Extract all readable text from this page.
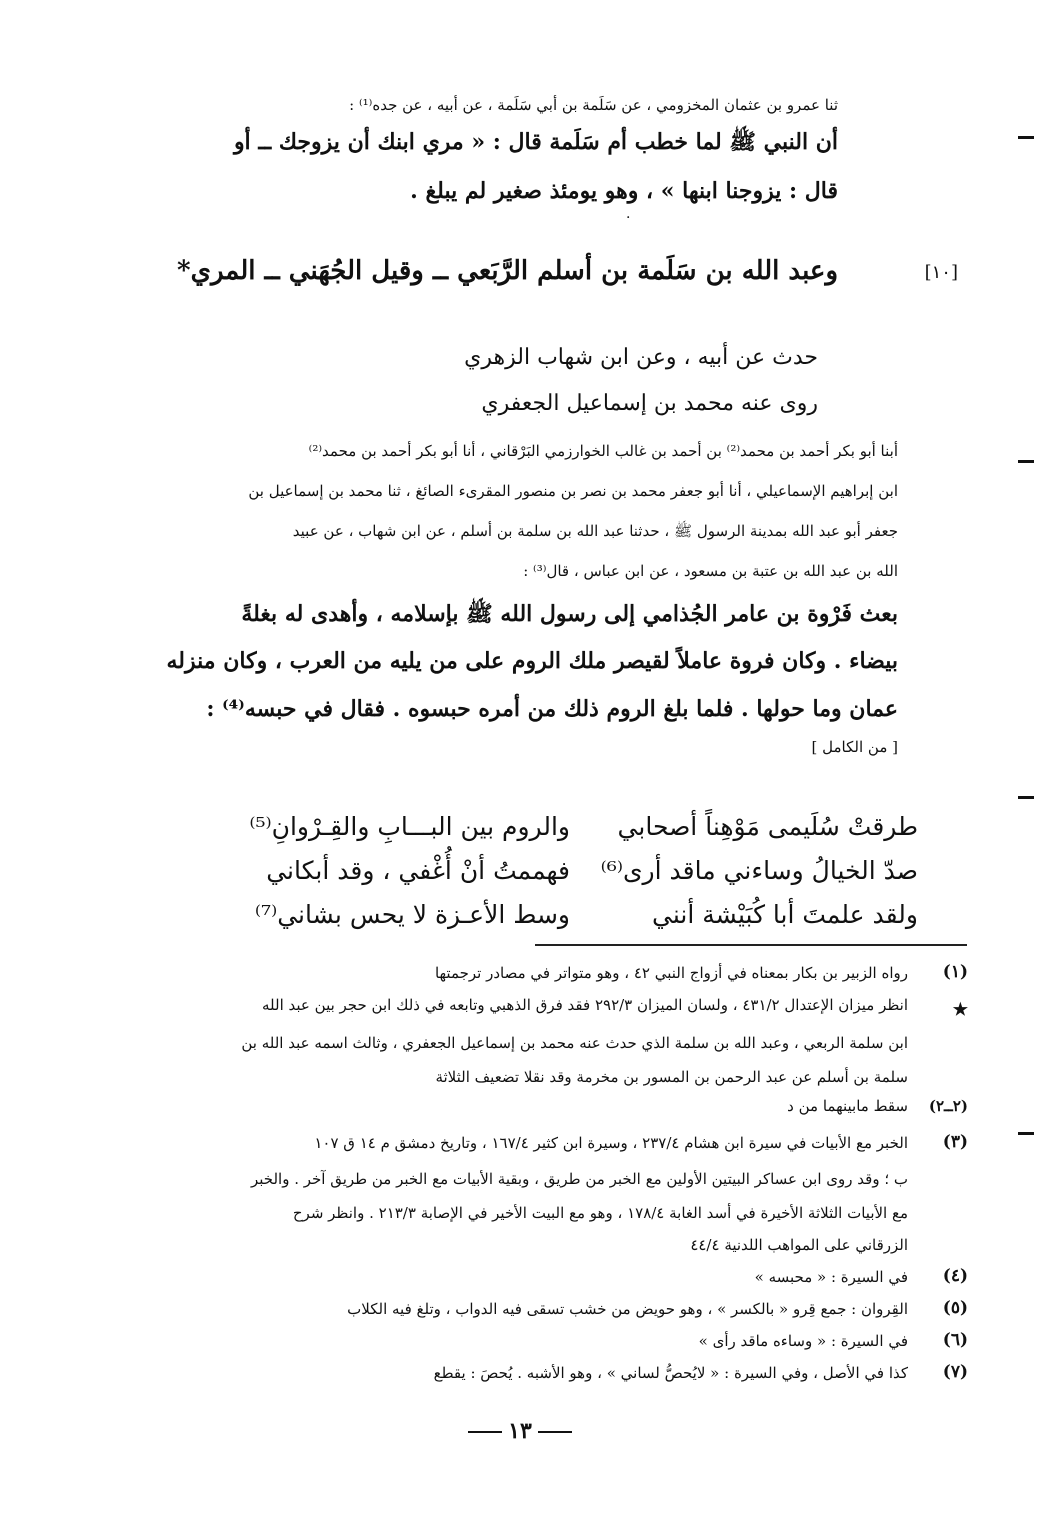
ثنا عمرو بن عثمان المخزومي ، عن سَلَمة بن أبي سَلَمة ، عن أبيه ، عن جده⁽¹⁾ :
أن النبي ﷺ لما خطب أم سَلَمة قال : « مري ابنك أن يزوجك ــ أو
قال : يزوجنا ابنها » ، وهو يومئذ صغير لم يبلغ .
·
[١٠]
وعبد الله بن سَلَمة بن أسلم الرَّبَعي ــ وقيل الجُهَني ــ المري*
حدث عن أبيه ، وعن ابن شهاب الزهري
روى عنه محمد بن إسماعيل الجعفري
أبنا أبو بكر أحمد بن محمد⁽²⁾ بن أحمد بن غالب الخوارزمي البَرْقاني ، أنا أبو بكر أحمد بن محمد⁽²⁾
ابن إبراهيم الإسماعيلي ، أنا أبو جعفر محمد بن نصر بن منصور المقرىء الصائغ ، ثنا محمد بن إسماعيل بن
جعفر أبو عبد الله بمدينة الرسول ﷺ ، حدثنا عبد الله بن سلمة بن أسلم ، عن ابن شهاب ، عن عبيد
الله بن عبد الله بن عتبة بن مسعود ، عن ابن عباس ، قال⁽³⁾ :
بعث فَرْوة بن عامر الجُذامي إلى رسول الله ﷺ بإسلامه ، وأهدى له بغلةً
بيضاء . وكان فروة عاملاً لقيصر ملك الروم على من يليه من العرب ، وكان منزله
عمان وما حولها . فلما بلغ الروم ذلك من أمره حبسوه . فقال في حبسه⁽⁴⁾ :
[ من الكامل ]
طرقتْ سُلَيمى مَوْهِناً أصحابي
والروم بين البـــابِ والقِـرْوانِ⁽⁵⁾
صدّ الخيالُ وساءني ماقد أرى⁽⁶⁾
فهممتُ أنْ أُغْفي ، وقد أبكاني
ولقد علمتَ أبا كُبَيْشة أنني
وسط الأعـزة لا يحس بشاني⁽⁷⁾
(١)
رواه الزبير بن بكار بمعناه في أزواج النبي ٤٢ ، وهو متواتر في مصادر ترجمتها
★
انظر ميزان الإعتدال ٤٣١/٢ ، ولسان الميزان ٢٩٢/٣ فقد فرق الذهبي وتابعه في ذلك ابن حجر بين عبد الله
ابن سلمة الربعي ، وعبد الله بن سلمة الذي حدث عنه محمد بن إسماعيل الجعفري ، وثالث اسمه عبد الله بن
سلمة بن أسلم عن عبد الرحمن بن المسور بن مخرمة وقد نقلا تضعيف الثلاثة
(٢ــ٢)
سقط مابينهما من د
(٣)
الخبر مع الأبيات في سيرة ابن هشام ٢٣٧/٤ ، وسيرة ابن كثير ١٦٧/٤ ، وتاريخ دمشق م ١٤ ق ١٠٧
ب ؛ وقد روى ابن عساكر البيتين الأولين مع الخبر من طريق ، وبقية الأبيات مع الخبر من طريق آخر . والخبر
مع الأبيات الثلاثة الأخيرة في أسد الغابة ١٧٨/٤ ، وهو مع البيت الأخير في الإصابة ٢١٣/٣ . وانظر شرح
الزرقاني على المواهب اللدنية ٤٤/٤
(٤)
في السيرة : « محبسه »
(٥)
القِروان : جمع قِرو « بالكسر » ، وهو حويض من خشب تسقى فيه الدواب ، وتلغ فيه الكلاب
(٦)
في السيرة : « وساءه ماقد رأى »
(٧)
كذا في الأصل ، وفي السيرة : « لايُحصُّ لساني » ، وهو الأشبه . يُحصَ : يقطع
١٣
